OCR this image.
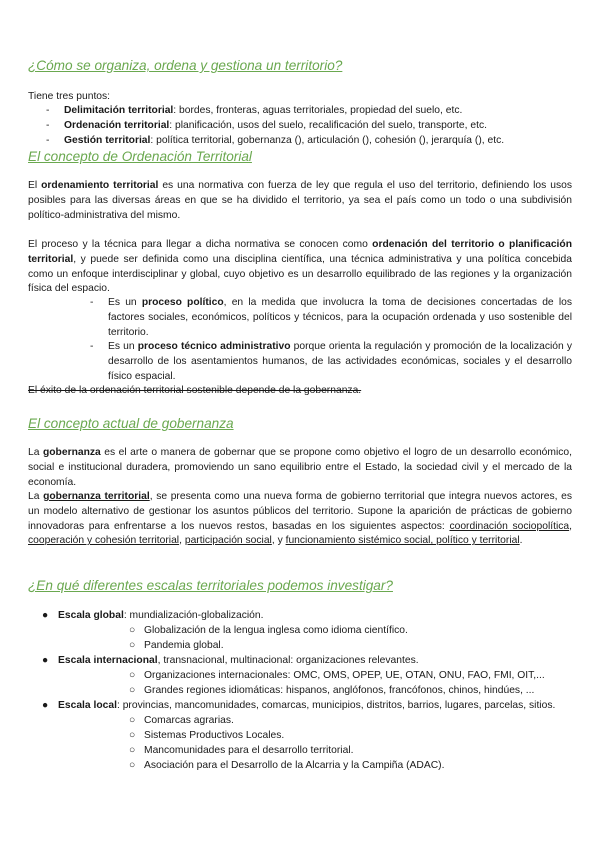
¿Cómo se organiza, ordena y gestiona un territorio?

Tiene tres puntos:

- Delimitación territorial: bordes, fronteras, aguas territoriales, propiedad del suelo, etc.
- Ordenación territorial: planificación, usos del suelo, recalificación del suelo, transporte, etc.
- Gestión territorial: política territorial, gobernanza (), articulación (), cohesión (), jerarquía (), etc.
El concepto de Ordenación Territorial

El ordenamiento territorial es una normativa con fuerza de ley que regula el uso del territorio, definiendo los usos posibles para las diversas áreas en que se ha dividido el territorio, ya sea el país como un todo o una subdivisión político-administrativa del mismo.

El proceso y la técnica para llegar a dicha normativa se conocen como ordenación del territorio o planificación territorial, y puede ser definida como una disciplina científica, una técnica administrativa y una política concebida como un enfoque interdisciplinar y global, cuyo objetivo es un desarrollo equilibrado de las regiones y la organización física del espacio.

- Es un proceso político, en la medida que involucra la toma de decisiones concertadas de los factores sociales, económicos, políticos y técnicos, para la ocupación ordenada y uso sostenible del territorio.
- Es un proceso técnico administrativo porque orienta la regulación y promoción de la localización y desarrollo de los asentamientos humanos, de las actividades económicas, sociales y el desarrollo físico espacial.

El éxito de la ordenación territorial sostenible depende de la gobernanza.

El concepto actual de gobernanza

La gobernanza es el arte o manera de gobernar que se propone como objetivo el logro de un desarrollo económico, social e institucional duradera, promoviendo un sano equilibrio entre el Estado, la sociedad civil y el mercado de la economía.

La gobernanza territorial, se presenta como una nueva forma de gobierno territorial que integra nuevos actores, es un modelo alternativo de gestionar los asuntos públicos del territorio. Supone la aparición de prácticas de gobierno innovadoras para enfrentarse a los nuevos restos, basadas en los siguientes aspectos: coordinación sociopolítica, cooperación y cohesión territorial, participación social, y funcionamiento sistémico social, político y territorial.

¿En qué diferentes escalas territoriales podemos investigar?
● Escala global: mundialización-globalización.
○ Globalización de la lengua inglesa como idioma científico.
○ Pandemia global.
● Escala internacional, transnacional, multinacional: organizaciones relevantes.
○ Organizaciones internacionales: OMC, OMS, OPEP, UE, OTAN, ONU, FAO, FMI, OIT,...
○ Grandes regiones idiomáticas: hispanos, anglófonos, francófonos, chinos, hindúes, ...
● Escala local: provincias, mancomunidades, comarcas, municipios, distritos, barrios, lugares, parcelas, sitios.
○ Comarcas agrarias.
○ Sistemas Productivos Locales.
○ Mancomunidades para el desarrollo territorial.
○ Asociación para el Desarrollo de la Alcarria y la Campiña (ADAC).
